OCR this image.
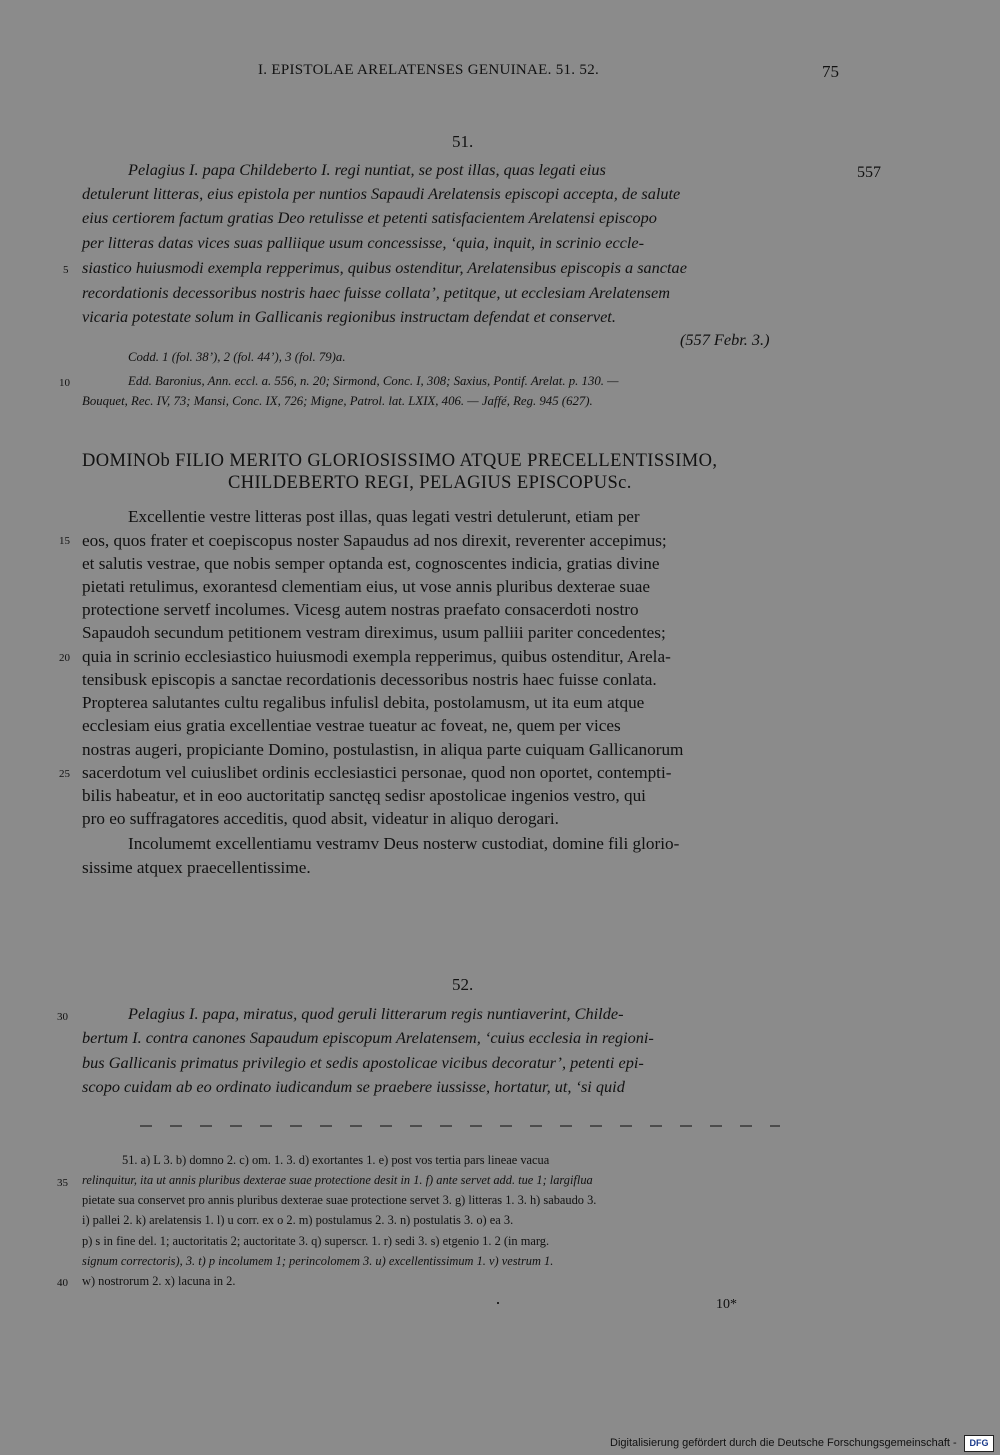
I. EPISTOLAE ARELATENSES GENUINAE. 51. 52.	75
51.
557
Pelagius I. papa Childeberto I. regi nuntiat, se post illas, quas legati eius
detulerunt litteras, eius epistola per nuntios Sapaudi Arelatensis episcopi accepta, de salute
eius certiorem factum gratias Deo retulisse et petenti satisfacientem Arelatensi episcopo
per litteras datas vices suas palliique usum concessisse, ‘quia, inquit, in scrinio eccle-
siastico huiusmodi exempla repperimus, quibus ostenditur, Arelatensibus episcopis a sanctae
recordationis decessoribus nostris haec fuisse collata’, petitque, ut ecclesiam Arelatensem
vicaria potestate solum in Gallicanis regionibus instructam defendat et conservet.
(557 Febr. 3.)
Codd. 1 (fol. 38’), 2 (fol. 44’), 3 (fol. 79)a.
Edd. Baronius, Ann. eccl. a. 556, n. 20; Sirmond, Conc. I, 308; Saxius, Pontif. Arelat. p. 130. —
Bouquet, Rec. IV, 73; Mansi, Conc. IX, 726; Migne, Patrol. lat. LXIX, 406. — Jaffé, Reg. 945 (627).
DOMINOb FILIO MERITO GLORIOSISSIMO ATQUE PRECELLENTISSIMO,
CHILDEBERTO REGI, PELAGIUS EPISCOPUSc.
Excellentie vestre litteras post illas, quas legati vestri detulerunt, etiam per
eos, quos frater et coepiscopus noster Sapaudus ad nos direxit, reverenter accepimus;
et salutis vestrae, que nobis semper optanda est, cognoscentes indicia, gratias divine
pietati retulimus, exorantesd clementiam eius, ut vose annis pluribus dexterae suae
protectione servetf incolumes. Vicesg autem nostras praefato consacerdoti nostro
Sapaudoh secundum petitionem vestram direximus, usum palliii pariter concedentes;
quia in scrinio ecclesiastico huiusmodi exempla repperimus, quibus ostenditur, Arela-
tensibusk episcopis a sanctae recordationis decessoribus nostris haec fuisse conlata.
Propterea salutantes cultu regalibus infulisl debita, postolamusm, ut ita eum atque
ecclesiam eius gratia excellentiae vestrae tueatur ac foveat, ne, quem per vices
nostras augeri, propiciante Domino, postulastisn, in aliqua parte cuiquam Gallicanorum
sacerdotum vel cuiuslibet ordinis ecclesiastici personae, quod non oportet, contempti-
bilis habeatur, et in eoo auctoritatip sanctęq sedisr apostolicae ingenios vestro, qui
pro eo suffragatores acceditis, quod absit, videatur in aliquo derogari.
Incolumemt excellentiamu vestramv Deus nosterw custodiat, domine fili glorio-
sissime atquex praecellentissime.
52.
Pelagius I. papa, miratus, quod geruli litterarum regis nuntiaverint, Childe-
bertum I. contra canones Sapaudum episcopum Arelatensem, ‘cuius ecclesia in regioni-
bus Gallicanis primatus privilegio et sedis apostolicae vicibus decoratur’, petenti epi-
scopo cuidam ab eo ordinato iudicandum se praebere iussisse, hortatur, ut, ‘si quid
51. a) L 3. b) domno 2. c) om. 1. 3. d) exortantes 1. e) post vos tertia pars lineae vacua
relinquitur, ita ut annis pluribus dexterae suae protectione desit in 1. f) ante servet add. tue 1; largiflua
pietate sua conservet pro annis pluribus dexterae suae protectione servet 3. g) litteras 1. 3. h) sabaudo 3.
i) pallei 2. k) arelatensis 1. l) u corr. ex o 2. m) postulamus 2. 3. n) postulatis 3. o) ea 3.
p) s in fine del. 1; auctoritatis 2; auctoritate 3. q) superscr. 1. r) sedi 3. s) etgenio 1. 2 (in marg.
signum correctoris), 3. t) p incolumem 1; perincolomem 3. u) excellentissimum 1. v) vestrum 1.
w) nostrorum 2. x) lacuna in 2.
10*
5
10
15
20
25
30
35
40
Digitalisierung gefördert durch die Deutsche Forschungsgemeinschaft -	DFG
